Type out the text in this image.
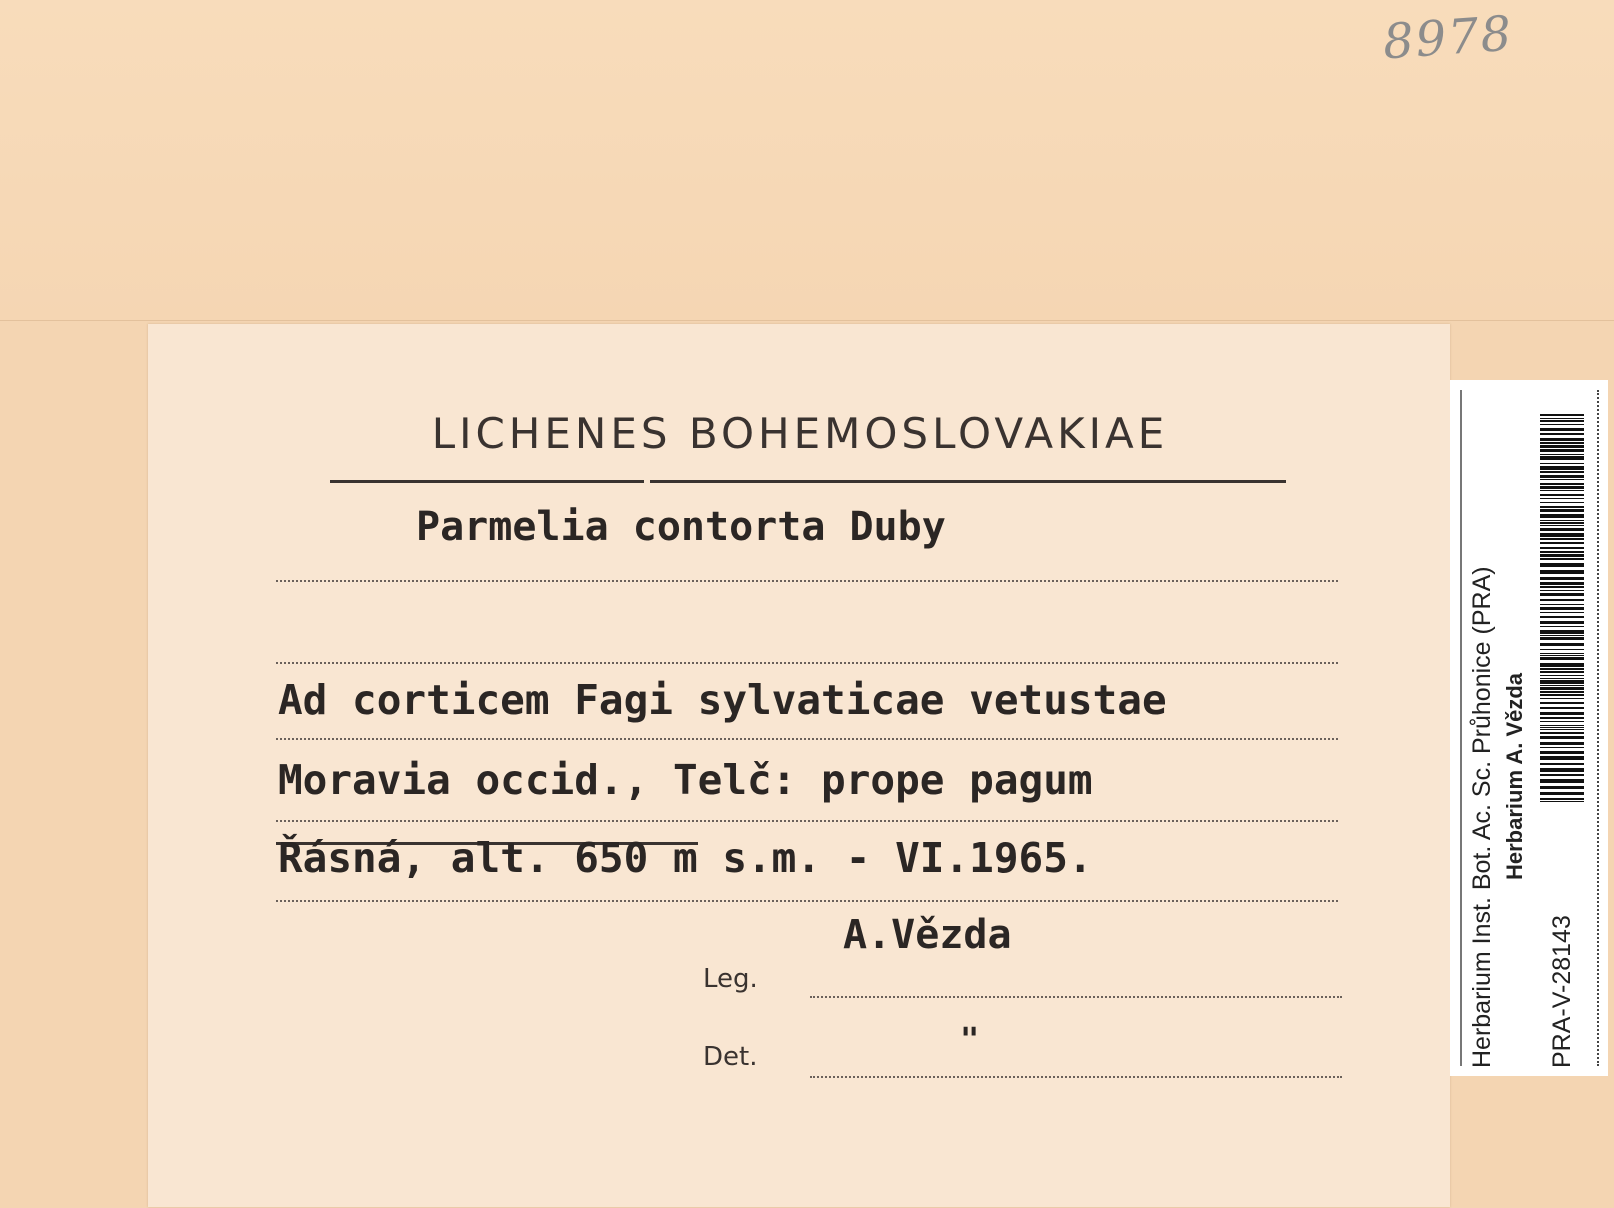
8978
LICHENES BOHEMOSLOVAKIAE
Parmelia contorta Duby
Ad corticem Fagi sylvaticae vetustae
Moravia occid., Telč: prope pagum
Řásná, alt. 650 m s.m. - VI.1965.
Leg.
A.Vězda
Det.	"	Herbarium Inst. Bot. Ac. Sc. Průhonice (PRA) Herbarium A. Vězda
PRA-V-28143
